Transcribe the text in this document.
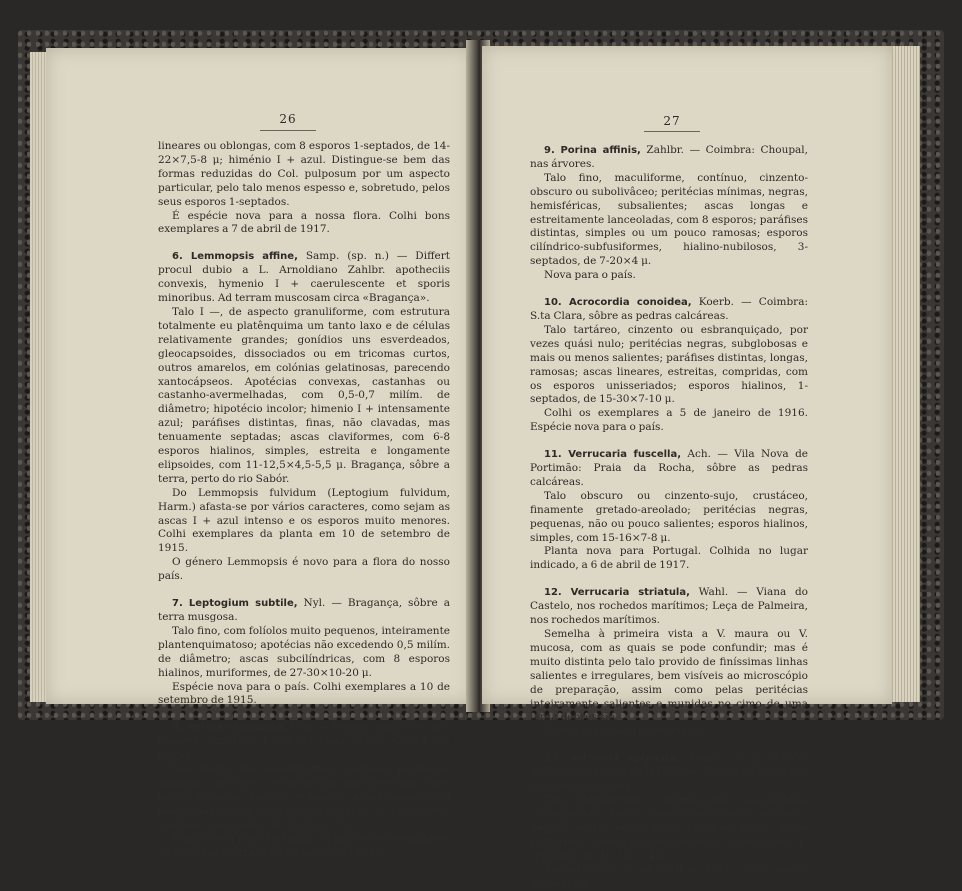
26

lineares ou oblongas, com 8 esporos 1-septados, de 14-22×7,5-8 μ; himénio I + azul. Distingue-se bem das formas reduzidas do Col. pulposum por um aspecto particular, pelo talo menos espesso e, sobretudo, pelos seus esporos 1-septados.

É espécie nova para a nossa flora. Colhi bons exemplares a 7 de abril de 1917.

6. Lemmopsis affine, Samp. (sp. n.) — Differt procul dubio a L. Arnoldiano Zahlbr. apotheciis convexis, hymenio I + caerulescente et sporis minoribus. Ad terram muscosam circa «Bragança».

Talo I —, de aspecto granuliforme, com estrutura totalmente eu platênquima um tanto laxo e de células relativamente grandes; gonídios uns esverdeados, gleocapsoides, dissociados ou em tricomas curtos, outros amarelos, em colónias gelatinosas, parecendo xantocápseos. Apotécias convexas, castanhas ou castanho-avermelhadas, com 0,5-0,7 milím. de diâmetro; hipotécio incolor; himenio I + intensamente azul; paráfises distintas, finas, não clavadas, mas tenuamente septadas; ascas claviformes, com 6-8 esporos hialinos, simples, estreita e longamente elipsoides, com 11-12,5×4,5-5,5 μ. Bragança, sôbre a terra, perto do rio Sabór.

Do Lemmopsis fulvidum (Leptogium fulvidum, Harm.) afasta-se por vários caracteres, como sejam as ascas I + azul intenso e os esporos muito menores. Colhi exemplares da planta em 10 de setembro de 1915.

O género Lemmopsis é novo para a flora do nosso país.

7. Leptogium subtile, Nyl. — Bragança, sôbre a terra musgosa.

Talo fino, com folíolos muito pequenos, inteiramente plantenquimatoso; apotécias não excedendo 0,5 milím. de diâmetro; ascas subcilíndricas, com 8 esporos hialinos, muriformes, de 27-30×10-20 μ.

Espécie nova para o país. Colhi exemplares a 10 de setembro de 1915.

8. Porina chlorotica, Wai. — Pedras graníticas, nos lugares sombrios: Ponte do Lima (Sá) e Cintra (na mata).

Talo muito fino, maculiforme, contínuo; peritécias mínimas, salientes e subglobosas; paráfises finas, mas muito distintas, simples e longas; ascas lineares ou lanceoladas, com 8 esporos aciculares ou fusiformes, hialinos, 3-septados, de 20-35×2-5 μ.

Planta nova para Portugal. Os primeiros exemplares colhi-os em Cintra, a 23 de agôsto de 1916.

27

9. Porina affinis, Zahlbr. — Coimbra: Choupal, nas árvores.

Talo fino, maculiforme, contínuo, cinzento-obscuro ou subolivâceo; peritécias mínimas, negras, hemisféricas, subsalientes; ascas longas e estreitamente lanceoladas, com 8 esporos; paráfises distintas, simples ou um pouco ramosas; esporos cilíndrico-subfusiformes, hialino-nubilosos, 3-septados, de 7-20×4 μ.

Nova para o país.

10. Acrocordia conoidea, Koerb. — Coimbra: S.ta Clara, sôbre as pedras calcáreas.

Talo tartáreo, cinzento ou esbranquiçado, por vezes quási nulo; peritécias negras, subglobosas e mais ou menos salientes; paráfises distintas, longas, ramosas; ascas lineares, estreitas, compridas, com os esporos unisseriados; esporos hialinos, 1-septados, de 15-30×7-10 μ.

Colhi os exemplares a 5 de janeiro de 1916. Espécie nova para o país.

11. Verrucaria fuscella, Ach. — Vila Nova de Portimão: Praia da Rocha, sôbre as pedras calcáreas.

Talo obscuro ou cinzento-sujo, crustáceo, finamente gretado-areolado; peritécias negras, pequenas, não ou pouco salientes; esporos hialinos, simples, com 15-16×7-8 μ.

Planta nova para Portugal. Colhida no lugar indicado, a 6 de abril de 1917.

12. Verrucaria striatula, Wahl. — Viana do Castelo, nos rochedos marítimos; Leça de Palmeira, nos rochedos marítimos.

Semelha à primeira vista a V. maura ou V. mucosa, com as quais se pode confundir; mas é muito distinta pelo talo provido de finíssimas linhas salientes e irregulares, bem visíveis ao microscópio de preparação, assim como pelas peritécias inteiramente salientes e munidas no cimo de uma larga depressão.

Nova para a flora portuguesa.

13. Arthonia epipasta, Koerb. in p. (1855); Arthonia minutula Nyl (1856) — Tomár, na casca lisa da Acácia bastarda.

Talo subepidérmico, cinzento-sujo, com gonídios croolepoides; lirelas umas puntiformes, mínimas, negras, outras muito finas; paráfises nulas; ascas piriformes, com 8 esporos hialinos, cuneiformes, 1-septados, de 10-14×3-4 μ.

Encontrada a 25 de abril de 1916. Nova para a nossa flora.
